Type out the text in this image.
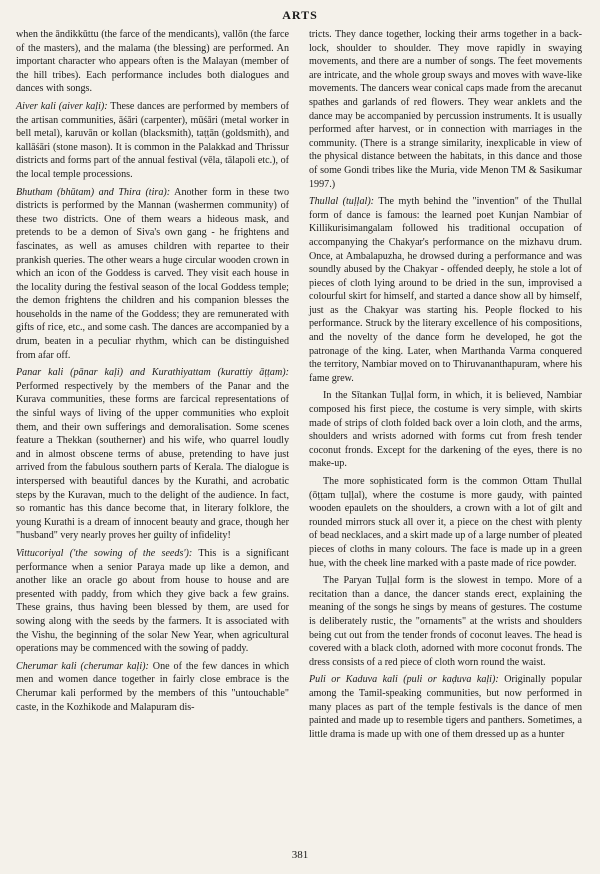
ARTS

when the āndikkūttu (the farce of the mendicants), vallōn (the farce of the masters), and the malama (the blessing) are performed. An important character who appears often is the Malayan (member of the hill tribes). Each performance includes both dialogues and dances with songs.

Aiver kali (aiver kaḷi): These dances are performed by members of the artisan communities, āśāri (carpenter), mūśāri (metal worker in bell metal), karuvān or kollan (blacksmith), taṭṭān (goldsmith), and kallāśāri (stone mason). It is common in the Palakkad and Thrissur districts and forms part of the annual festival (vēla, tālapoli etc.), of the local temple processions.

Bhutham (bhūtam) and Thira (tira): Another form in these two districts is performed by the Mannan (washermen community) of these two districts. One of them wears a hideous mask, and pretends to be a demon of Siva's own gang - he frightens and fascinates, as well as amuses children with repartee to their prankish queries. The other wears a huge circular wooden crown in which an icon of the Goddess is carved. They visit each house in the locality during the festival season of the local Goddess temple; the demon frightens the children and his companion blesses the households in the name of the Goddess; they are remunerated with gifts of rice, etc., and some cash. The dances are accompanied by a drum, beaten in a peculiar rhythm, which can be distinguished from afar off.

Panar kali (pānar kaḷi) and Kurathiyattam (kurattiy āṭṭam): Performed respectively by the members of the Panar and the Kurava communities, these forms are farcical representations of the sinful ways of living of the upper communities who exploit them, and their own sufferings and demoralisation. Some scenes feature a Thekkan (southerner) and his wife, who quarrel loudly and in almost obscene terms of abuse, pretending to have just arrived from the fabulous southern parts of Kerala. The dialogue is interspersed with beautiful dances by the Kurathi, and acrobatic steps by the Kuravan, much to the delight of the audience. In fact, so romantic has this dance become that, in literary folklore, the young Kurathi is a dream of innocent beauty and grace, though her "husband" very nearly proves her guilty of infidelity!

Vittucoriyal ('the sowing of the seeds'): This is a significant performance when a senior Paraya made up like a demon, and another like an oracle go about from house to house and are presented with paddy, from which they give back a few grains. These grains, thus having been blessed by them, are used for sowing along with the seeds by the farmers. It is associated with the Vishu, the beginning of the solar New Year, when agricultural operations may be commenced with the sowing of paddy.

Cherumar kali (cherumar kaḷi): One of the few dances in which men and women dance together in fairly close embrace is the Cherumar kali performed by the members of this "untouchable" caste, in the Kozhikode and Malapuram dis-

tricts. They dance together, locking their arms together in a back-lock, shoulder to shoulder. They move rapidly in swaying movements, and there are a number of songs. The feet movements are intricate, and the whole group sways and moves with wave-like movements. The dancers wear conical caps made from the arecanut spathes and garlands of red flowers. They wear anklets and the dance may be accompanied by percussion instruments. It is usually performed after harvest, or in connection with marriages in the community. (There is a strange similarity, inexplicable in view of the physical distance between the habitats, in this dance and those of some Gondi tribes like the Muria, vide Menon TM & Sasikumar 1997.)

Thullal (tuḷḷal): The myth behind the "invention" of the Thullal form of dance is famous: the learned poet Kunjan Nambiar of Killikurisimangalam followed his traditional occupation of accompanying the Chakyar's performance on the mizhavu drum. Once, at Ambalapuzha, he drowsed during a performance and was soundly abused by the Chakyar - offended deeply, he stole a lot of pieces of cloth lying around to be dried in the sun, improvised a colourful skirt for himself, and started a dance show all by himself, just as the Chakyar was starting his. People flocked to his performance. Struck by the literary excellence of his compositions, and the novelty of the dance form he developed, he got the patronage of the king. Later, when Marthanda Varma conquered the territory, Nambiar moved on to Thiruvananthapuram, where his fame grew.

In the Sītankan Tuḷḷal form, in which, it is believed, Nambiar composed his first piece, the costume is very simple, with skirts made of strips of cloth folded back over a loin cloth, and the arms, shoulders and wrists adorned with forms cut from fresh tender coconut fronds. Except for the darkening of the eyes, there is no make-up.

The more sophisticated form is the common Ottam Thullal (ōṭṭam tuḷḷal), where the costume is more gaudy, with painted wooden epaulets on the shoulders, a crown with a lot of gilt and rounded mirrors stuck all over it, a piece on the chest with plenty of bead necklaces, and a skirt made up of a large number of pleated pieces of cloths in many colours. The face is made up in a green hue, with the cheek line marked with a paste made of rice powder.

The Paryan Tuḷḷal form is the slowest in tempo. More of a recitation than a dance, the dancer stands erect, explaining the meaning of the songs he sings by means of gestures. The costume is deliberately rustic, the "ornaments" at the wrists and shoulders being cut out from the tender fronds of coconut leaves. The head is covered with a black cloth, adorned with more coconut fronds. The dress consists of a red piece of cloth worn round the waist.

Puli or Kaduva kali (puli or kaḍuva kaḷi): Originally popular among the Tamil-speaking communities, but now performed in many places as part of the temple festivals is the dance of men painted and made up to resemble tigers and panthers. Sometimes, a little drama is made up with one of them dressed up as a hunter

381
